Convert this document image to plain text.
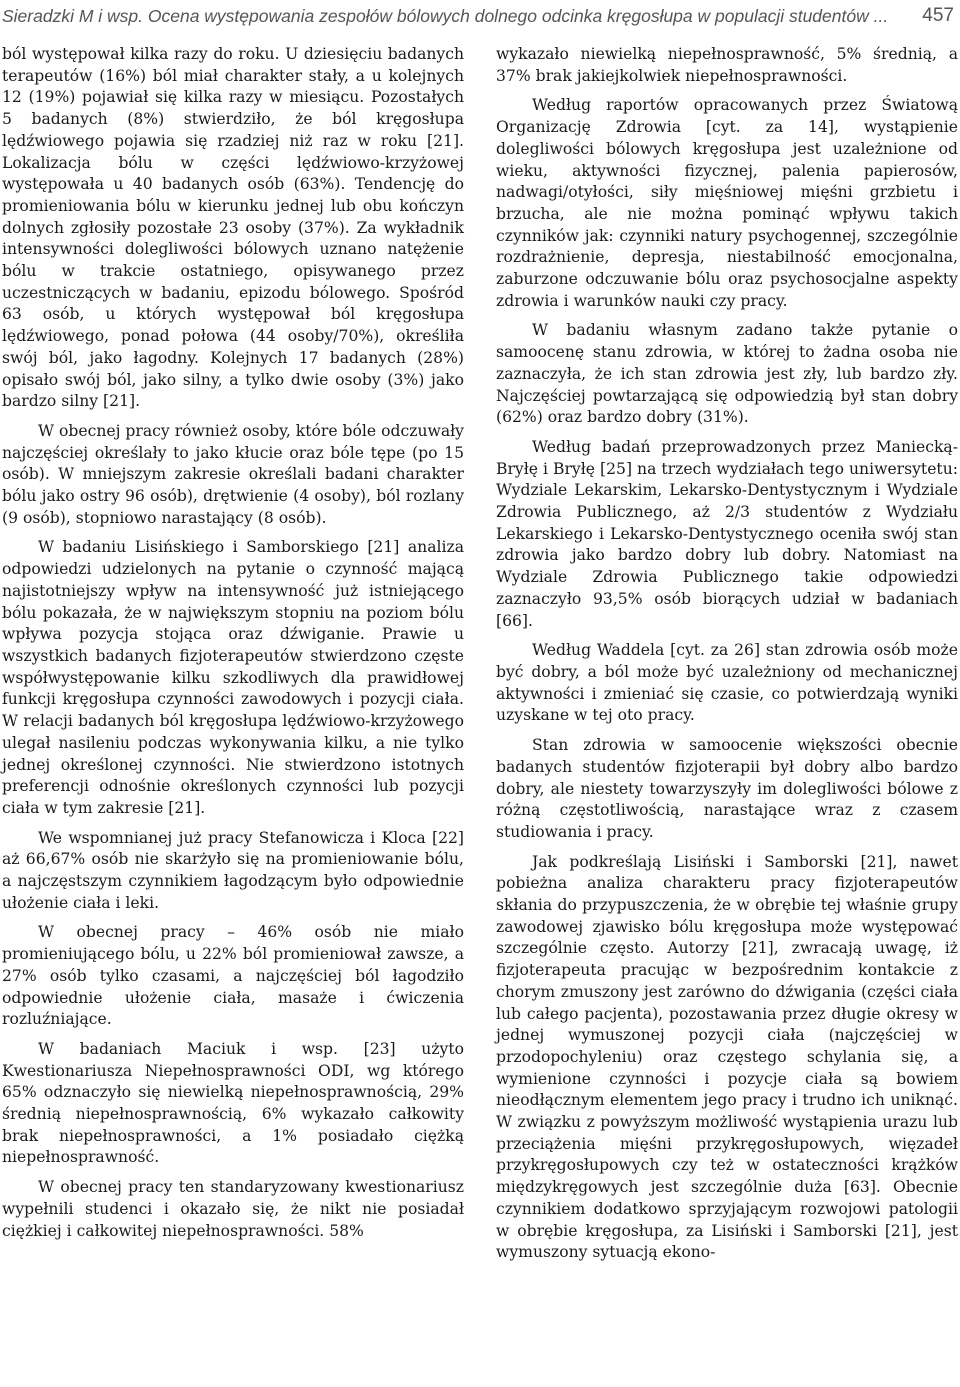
Sieradzki M i wsp. Ocena występowania zespołów bólowych dolnego odcinka kręgosłupa w populacji studentów ... 457

ból występował kilka razy do roku. U dziesięciu badanych terapeutów (16%) ból miał charakter stały, a u kolejnych 12 (19%) pojawiał się kilka razy w miesiącu. Pozostałych 5 badanych (8%) stwierdziło, że ból kręgosłupa lędźwiowego pojawia się rzadziej niż raz w roku [21]. Lokalizacja bólu w części lędźwiowo-krzyżowej występowała u 40 badanych osób (63%). Tendencję do promieniowania bólu w kierunku jednej lub obu kończyn dolnych zgłosiły pozostałe 23 osoby (37%). Za wykładnik intensywności dolegliwości bólowych uznano natężenie bólu w trakcie ostatniego, opisywanego przez uczestniczących w badaniu, epizodu bólowego. Spośród 63 osób, u których występował ból kręgosłupa lędźwiowego, ponad połowa (44 osoby/70%), określiła swój ból, jako łagodny. Kolejnych 17 badanych (28%) opisało swój ból, jako silny, a tylko dwie osoby (3%) jako bardzo silny [21].

W obecnej pracy również osoby, które bóle odczuwały najczęściej określały to jako kłucie oraz bóle tępe (po 15 osób). W mniejszym zakresie określali badani charakter bólu jako ostry 96 osób), drętwienie (4 osoby), ból rozlany (9 osób), stopniowo narastający (8 osób).

W badaniu Lisińskiego i Samborskiego [21] analiza odpowiedzi udzielonych na pytanie o czynność mającą najistotniejszy wpływ na intensywność już istniejącego bólu pokazała, że w największym stopniu na poziom bólu wpływa pozycja stojąca oraz dźwiganie. Prawie u wszystkich badanych fizjoterapeutów stwierdzono częste współwystępowanie kilku szkodliwych dla prawidłowej funkcji kręgosłupa czynności zawodowych i pozycji ciała. W relacji badanych ból kręgosłupa lędźwiowo-krzyżowego ulegał nasileniu podczas wykonywania kilku, a nie tylko jednej określonej czynności. Nie stwierdzono istotnych preferencji odnośnie określonych czynności lub pozycji ciała w tym zakresie [21].

We wspomnianej już pracy Stefanowicza i Kloca [22] aż 66,67% osób nie skarżyło się na promieniowanie bólu, a najczęstszym czynnikiem łagodzącym było odpowiednie ułożenie ciała i leki.

W obecnej pracy – 46% osób nie miało promieniującego bólu, u 22% ból promieniował zawsze, a 27% osób tylko czasami, a najczęściej ból łagodziło odpowiednie ułożenie ciała, masaże i ćwiczenia rozluźniające.

W badaniach Maciuk i wsp. [23] użyto Kwestionariusza Niepełnosprawności ODI, wg którego 65% odznaczyło się niewielką niepełnosprawnością, 29% średnią niepełnosprawnością, 6% wykazało całkowity brak niepełnosprawności, a 1% posiadało ciężką niepełnosprawność.

W obecnej pracy ten standaryzowany kwestionariusz wypełnili studenci i okazało się, że nikt nie posiadał ciężkiej i całkowitej niepełnosprawności. 58%

wykazało niewielką niepełnosprawność, 5% średnią, a 37% brak jakiejkolwiek niepełnosprawności.

Według raportów opracowanych przez Światową Organizację Zdrowia [cyt. za 14], wystąpienie dolegliwości bólowych kręgosłupa jest uzależnione od wieku, aktywności fizycznej, palenia papierosów, nadwagi/otyłości, siły mięśniowej mięśni grzbietu i brzucha, ale nie można pominąć wpływu takich czynników jak: czynniki natury psychogennej, szczególnie rozdrażnienie, depresja, niestabilność emocjonalna, zaburzone odczuwanie bólu oraz psychosocjalne aspekty zdrowia i warunków nauki czy pracy.

W badaniu własnym zadano także pytanie o samoocenę stanu zdrowia, w której to żadna osoba nie zaznaczyła, że ich stan zdrowia jest zły, lub bardzo zły. Najczęściej powtarzającą się odpowiedzią był stan dobry (62%) oraz bardzo dobry (31%).

Według badań przeprowadzonych przez Maniecką-Bryłę i Bryłę [25] na trzech wydziałach tego uniwersytetu: Wydziale Lekarskim, Lekarsko-Dentystycznym i Wydziale Zdrowia Publicznego, aż 2/3 studentów z Wydziału Lekarskiego i Lekarsko-Dentystycznego oceniła swój stan zdrowia jako bardzo dobry lub dobry. Natomiast na Wydziale Zdrowia Publicznego takie odpowiedzi zaznaczyło 93,5% osób biorących udział w badaniach [66].

Według Waddela [cyt. za 26] stan zdrowia osób może być dobry, a ból może być uzależniony od mechanicznej aktywności i zmieniać się czasie, co potwierdzają wyniki uzyskane w tej oto pracy.

Stan zdrowia w samoocenie większości obecnie badanych studentów fizjoterapii był dobry albo bardzo dobry, ale niestety towarzyszyły im dolegliwości bólowe z różną częstotliwością, narastające wraz z czasem studiowania i pracy.

Jak podkreślają Lisiński i Samborski [21], nawet pobieżna analiza charakteru pracy fizjoterapeutów skłania do przypuszczenia, że w obrębie tej właśnie grupy zawodowej zjawisko bólu kręgosłupa może występować szczególnie często. Autorzy [21], zwracają uwagę, iż fizjoterapeuta pracując w bezpośrednim kontakcie z chorym zmuszony jest zarówno do dźwigania (części ciała lub całego pacjenta), pozostawania przez długie okresy w jednej wymuszonej pozycji ciała (najczęściej w przodopochyleniu) oraz częstego schylania się, a wymienione czynności i pozycje ciała są bowiem nieodłącznym elementem jego pracy i trudno ich uniknąć. W związku z powyższym możliwość wystąpienia urazu lub przeciążenia mięśni przykręgosłupowych, więzadeł przykręgosłupowych czy też w ostateczności krążków międzykręgowych jest szczególnie duża [63]. Obecnie czynnikiem dodatkowo sprzyjającym rozwojowi patologii w obrębie kręgosłupa, za Lisiński i Samborski [21], jest wymuszony sytuacją ekono-
